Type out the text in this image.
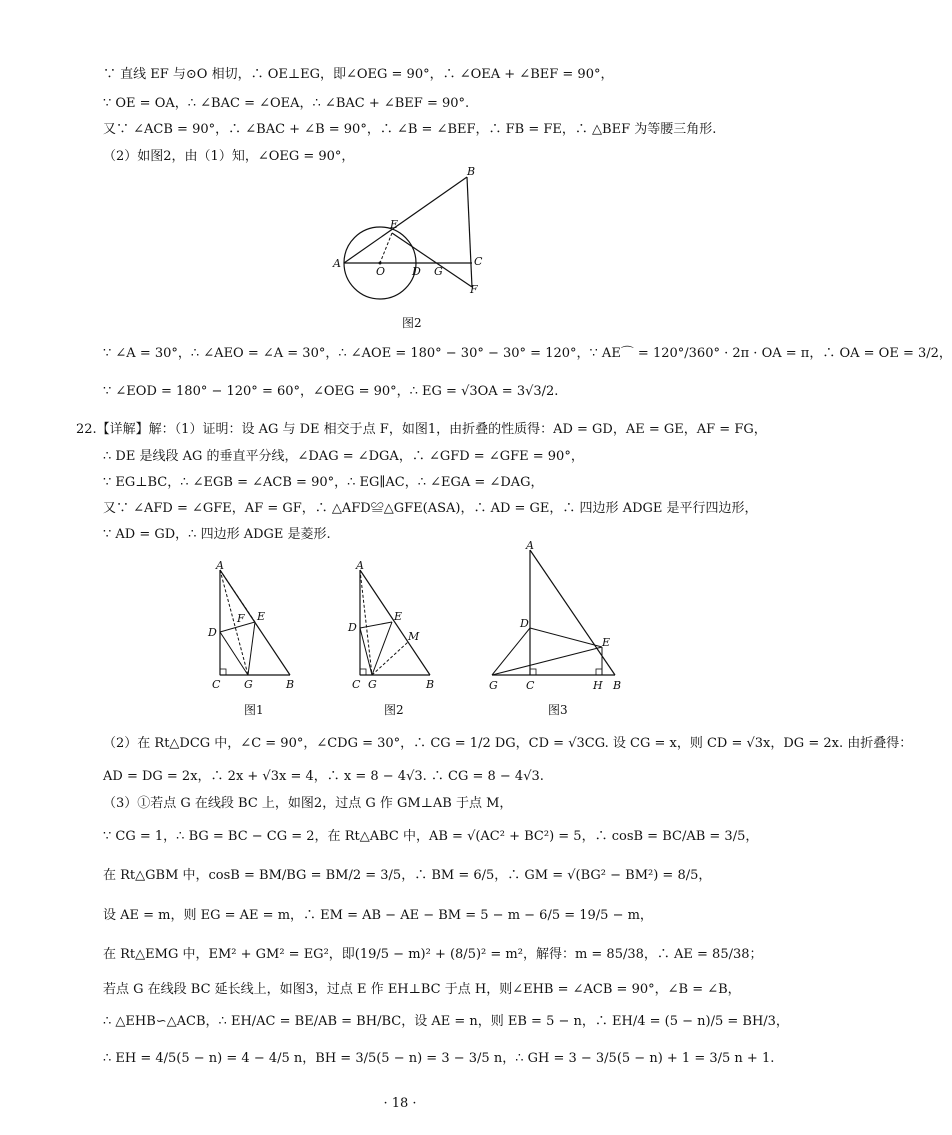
∵ 直线 EF 与⊙O 相切，∴ OE⊥EG，即∠OEG = 90°，∴ ∠OEA + ∠BEF = 90°，
∵ OE = OA，∴ ∠BAC = ∠OEA，∴ ∠BAC + ∠BEF = 90°.
又∵ ∠ACB = 90°，∴ ∠BAC + ∠B = 90°，∴ ∠B = ∠BEF，∴ FB = FE，∴ △BEF 为等腰三角形.
（2）如图2，由（1）知，∠OEG = 90°，
A
O D G
C
B
E
F
图2
∵ ∠A = 30°，∴ ∠AEO = ∠A = 30°，∴ ∠AOE = 180° − 30° − 30° = 120°，∵ AE⌒ = 120°/360° · 2π · OA = π，∴ OA = OE = 3/2，
∵ ∠EOD = 180° − 120° = 60°，∠OEG = 90°，∴ EG = √3OA = 3√3/2.
22.【详解】解：（1）证明：设 AG 与 DE 相交于点 F，如图1，由折叠的性质得：AD = GD，AE = GE，AF = FG，
∴ DE 是线段 AG 的垂直平分线，∠DAG = ∠DGA，∴ ∠GFD = ∠GFE = 90°，
∵ EG⊥BC，∴ ∠EGB = ∠ACB = 90°，∴ EG∥AC，∴ ∠EGA = ∠DAG，
又∵ ∠AFD = ∠GFE，AF = GF，∴ △AFD≌△GFE(ASA)，∴ AD = GE，∴ 四边形 ADGE 是平行四边形，
∵ AD = GD，∴ 四边形 ADGE 是菱形.
A
D
F E
C G	B
图1
A
D
E
M
C G	B
图2
A
D
E
G	C	H B
图3
（2）在 Rt△DCG 中，∠C = 90°，∠CDG = 30°，∴ CG = 1/2 DG，CD = √3CG. 设 CG = x，则 CD = √3x，DG = 2x. 由折叠得：
AD = DG = 2x，∴ 2x + √3x = 4，∴ x = 8 − 4√3. ∴ CG = 8 − 4√3.
（3）①若点 G 在线段 BC 上，如图2，过点 G 作 GM⊥AB 于点 M，
∵ CG = 1，∴ BG = BC − CG = 2，在 Rt△ABC 中，AB = √(AC² + BC²) = 5，∴ cosB = BC/AB = 3/5，
在 Rt△GBM 中，cosB = BM/BG = BM/2 = 3/5，∴ BM = 6/5，∴ GM = √(BG² − BM²) = 8/5，
设 AE = m，则 EG = AE = m，∴ EM = AB − AE − BM = 5 − m − 6/5 = 19/5 − m，
在 Rt△EMG 中，EM² + GM² = EG²，即(19/5 − m)² + (8/5)² = m²，解得：m = 85/38，∴ AE = 85/38；
若点 G 在线段 BC 延长线上，如图3，过点 E 作 EH⊥BC 于点 H，则∠EHB = ∠ACB = 90°，∠B = ∠B，
∴ △EHB∽△ACB，∴ EH/AC = BE/AB = BH/BC，设 AE = n，则 EB = 5 − n，∴ EH/4 = (5 − n)/5 = BH/3，
∴ EH = 4/5(5 − n) = 4 − 4/5 n，BH = 3/5(5 − n) = 3 − 3/5 n，∴ GH = 3 − 3/5(5 − n) + 1 = 3/5 n + 1.
· 18 ·
